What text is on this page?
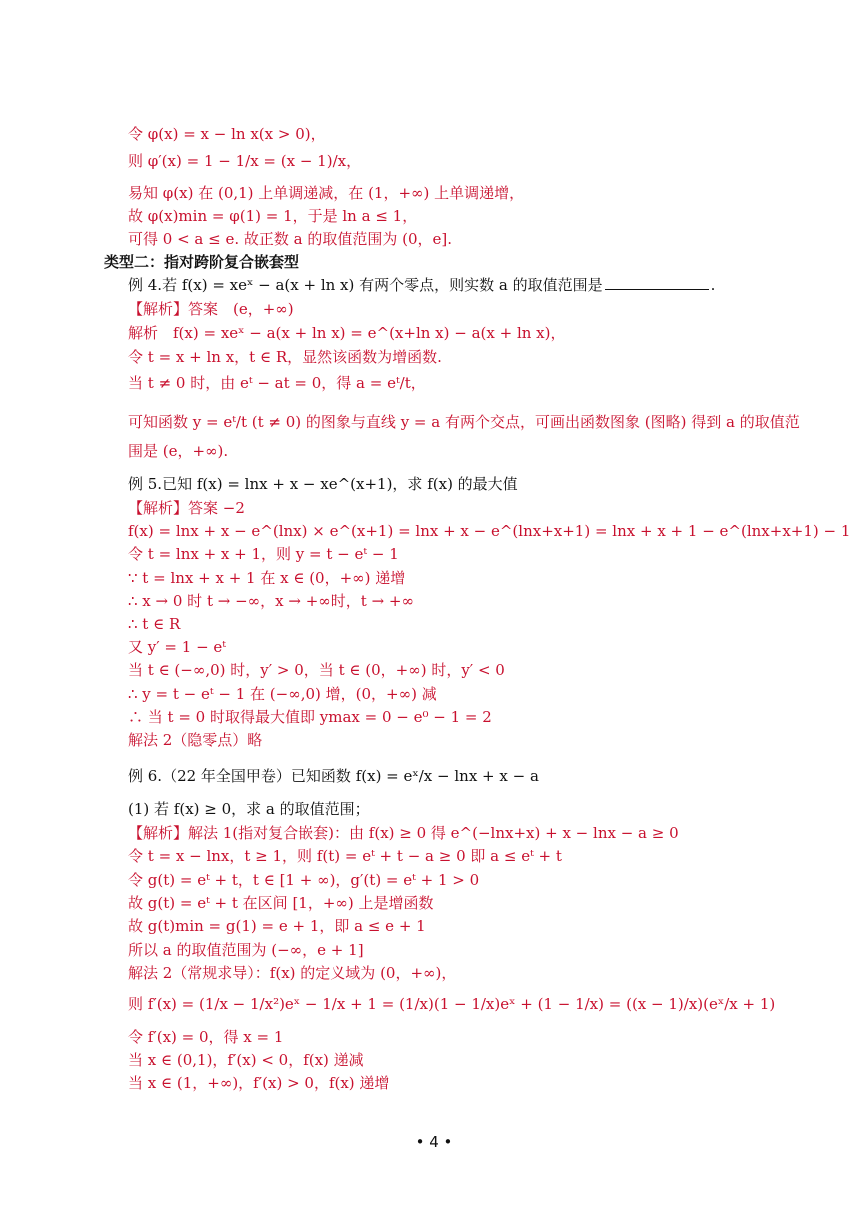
令 φ(x) = x − ln x(x > 0)，
则 φ′(x) = 1 − 1/x = (x − 1)/x，
易知 φ(x) 在 (0,1) 上单调递减，在 (1，+∞) 上单调递增，
故 φ(x)min = φ(1) = 1，于是 ln a ≤ 1，
可得 0 < a ≤ e. 故正数 a 的取值范围为 (0，e].
类型二：指对跨阶复合嵌套型
例 4.若 f(x) = xeˣ − a(x + ln x) 有两个零点，则实数 a 的取值范围是	.
【解析】答案　(e，+∞)
解析　f(x) = xeˣ − a(x + ln x) = e^(x+ln x) − a(x + ln x)，
令 t = x + ln x，t ∈ R，显然该函数为增函数.
当 t ≠ 0 时，由 eᵗ − at = 0，得 a = eᵗ/t，
可知函数 y = eᵗ/t (t ≠ 0) 的图象与直线 y = a 有两个交点，可画出函数图象 (图略) 得到 a 的取值范
围是 (e，+∞).
例 5.已知 f(x) = lnx + x − xe^(x+1)，求 f(x) 的最大值
【解析】答案 −2
f(x) = lnx + x − e^(lnx) × e^(x+1) = lnx + x − e^(lnx+x+1) = lnx + x + 1 − e^(lnx+x+1) − 1
令 t = lnx + x + 1，则 y = t − eᵗ − 1
∵ t = lnx + x + 1 在 x ∈ (0，+∞) 递增
∴ x → 0 时 t → −∞，x → +∞时，t → +∞
∴ t ∈ R
又 y′ = 1 − eᵗ
当 t ∈ (−∞,0) 时，y′ > 0，当 t ∈ (0，+∞) 时，y′ < 0
∴ y = t − eᵗ − 1 在 (−∞,0) 增，(0，+∞) 减
∴ 当 t = 0 时取得最大值即 ymax = 0 − e⁰ − 1 = 2
解法 2（隐零点）略
例 6.（22 年全国甲卷）已知函数 f(x) = eˣ/x − lnx + x − a
(1) 若 f(x) ≥ 0，求 a 的取值范围；
【解析】解法 1(指对复合嵌套)：由 f(x) ≥ 0 得 e^(−lnx+x) + x − lnx − a ≥ 0
令 t = x − lnx，t ≥ 1，则 f(t) = eᵗ + t − a ≥ 0 即 a ≤ eᵗ + t
令 g(t) = eᵗ + t，t ∈ [1 + ∞)，g′(t) = eᵗ + 1 > 0
故 g(t) = eᵗ + t 在区间 [1，+∞) 上是增函数
故 g(t)min = g(1) = e + 1，即 a ≤ e + 1
所以 a 的取值范围为 (−∞，e + 1]
解法 2（常规求导）：f(x) 的定义域为 (0，+∞)，
则 f′(x) = (1/x − 1/x²)eˣ − 1/x + 1 = (1/x)(1 − 1/x)eˣ + (1 − 1/x) = ((x − 1)/x)(eˣ/x + 1)
令 f′(x) = 0，得 x = 1
当 x ∈ (0,1)，f′(x) < 0，f(x) 递减
当 x ∈ (1，+∞)，f′(x) > 0，f(x) 递增
• 4 •
